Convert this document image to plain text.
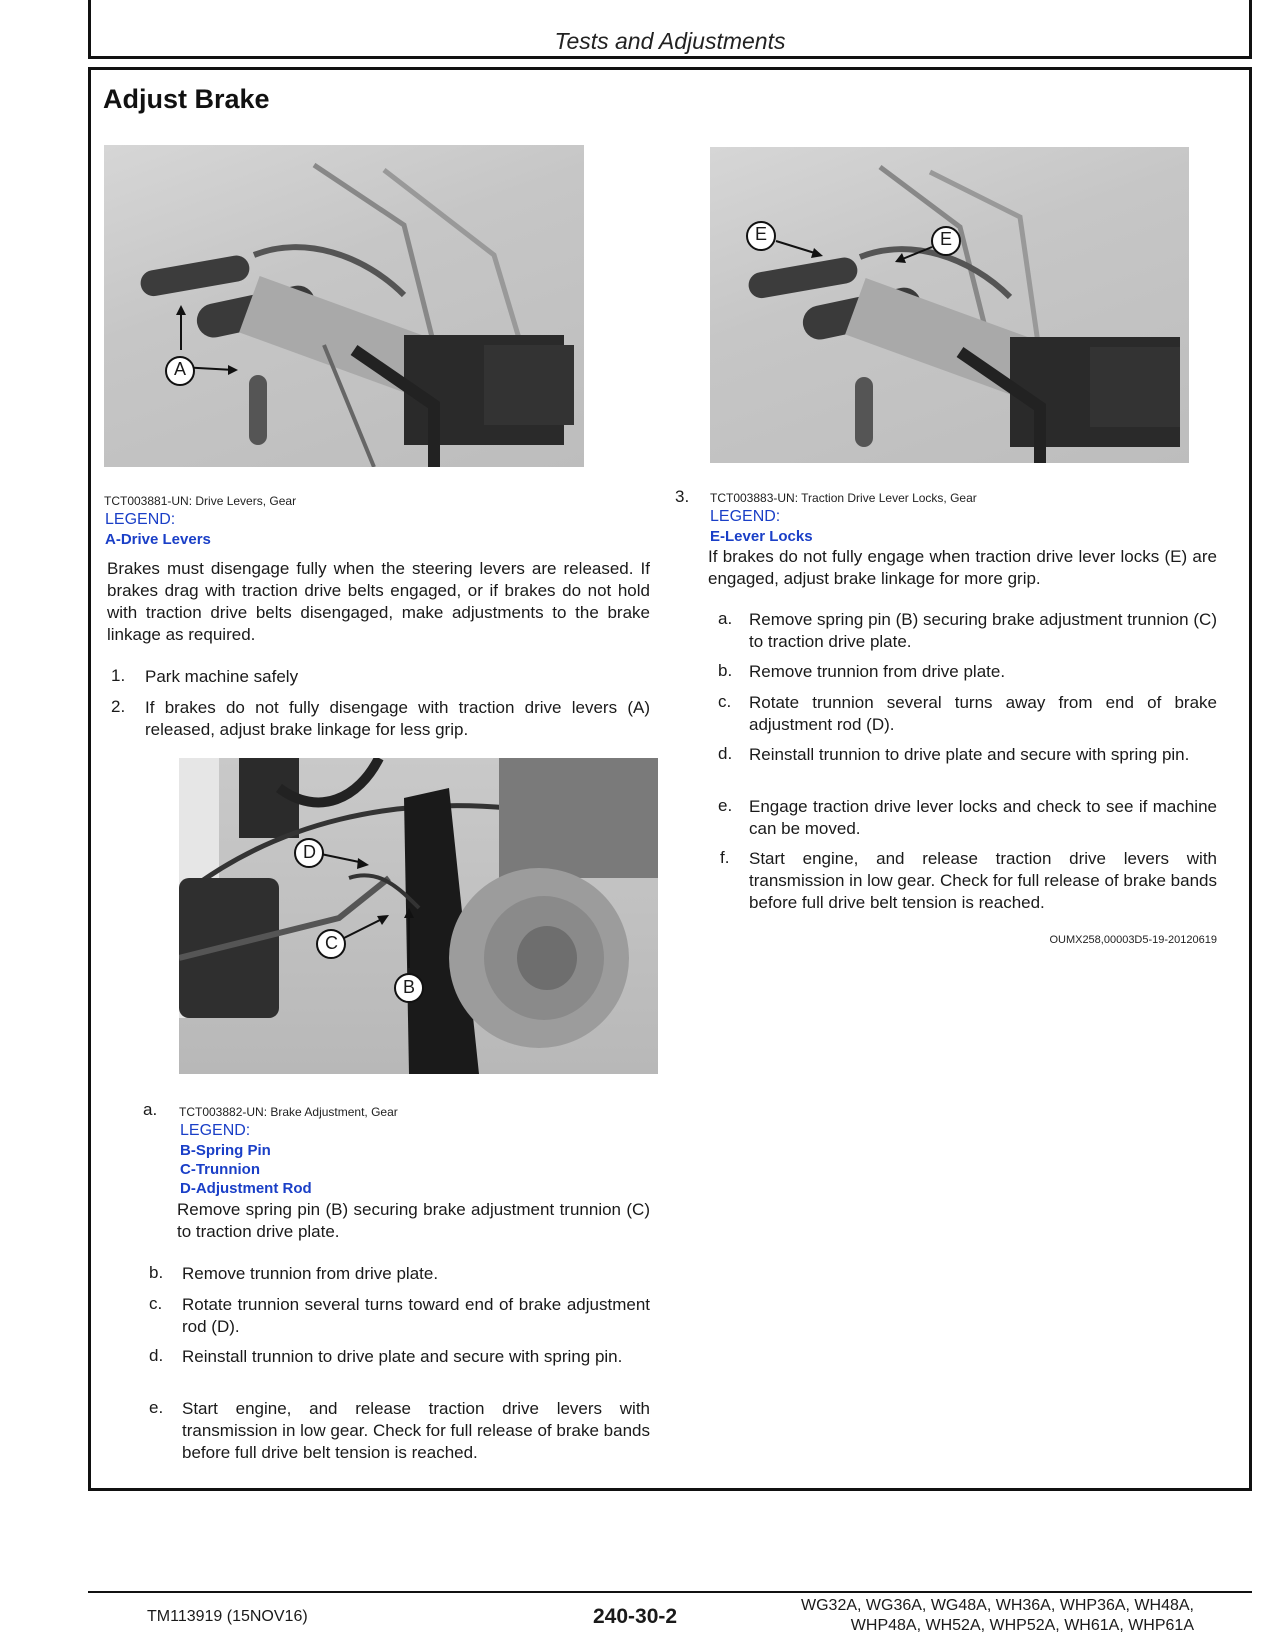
Tests and Adjustments
Adjust Brake
A
TCT003881-UN: Drive Levers, Gear
LEGEND:
A-Drive Levers
Brakes must disengage fully when the steering levers are released. If brakes drag with traction drive belts engaged, or if brakes do not hold with traction drive belts disengaged, make adjustments to the brake linkage as required.
1. Park machine safely
2. If brakes do not fully disengage with traction drive levers (A) released, adjust brake linkage for less grip.
D
C
B
a. TCT003882-UN: Brake Adjustment, Gear
LEGEND:
B-Spring Pin
C-Trunnion
D-Adjustment Rod
Remove spring pin (B) securing brake adjustment trunnion (C) to traction drive plate.
b. Remove trunnion from drive plate.
c. Rotate trunnion several turns toward end of brake adjustment rod (D).
d. Reinstall trunnion to drive plate and secure with spring pin.
e. Start engine, and release traction drive levers with transmission in low gear. Check for full release of brake bands before full drive belt tension is reached.
E	E
3. TCT003883-UN: Traction Drive Lever Locks, Gear
LEGEND:
E-Lever Locks
If brakes do not fully engage when traction drive lever locks (E) are engaged, adjust brake linkage for more grip.
a. Remove spring pin (B) securing brake adjustment trunnion (C) to traction drive plate.
b. Remove trunnion from drive plate.
c. Rotate trunnion several turns away from end of brake adjustment rod (D).
d. Reinstall trunnion to drive plate and secure with spring pin.
e. Engage traction drive lever locks and check to see if machine can be moved.
f. Start engine, and release traction drive levers with transmission in low gear. Check for full release of brake bands before full drive belt tension is reached.
OUMX258,00003D5-19-20120619
TM113919 (15NOV16)	240-30-2	WG32A, WG36A, WG48A, WH36A, WHP36A, WH48A,
WHP48A, WH52A, WHP52A, WH61A, WHP61A
